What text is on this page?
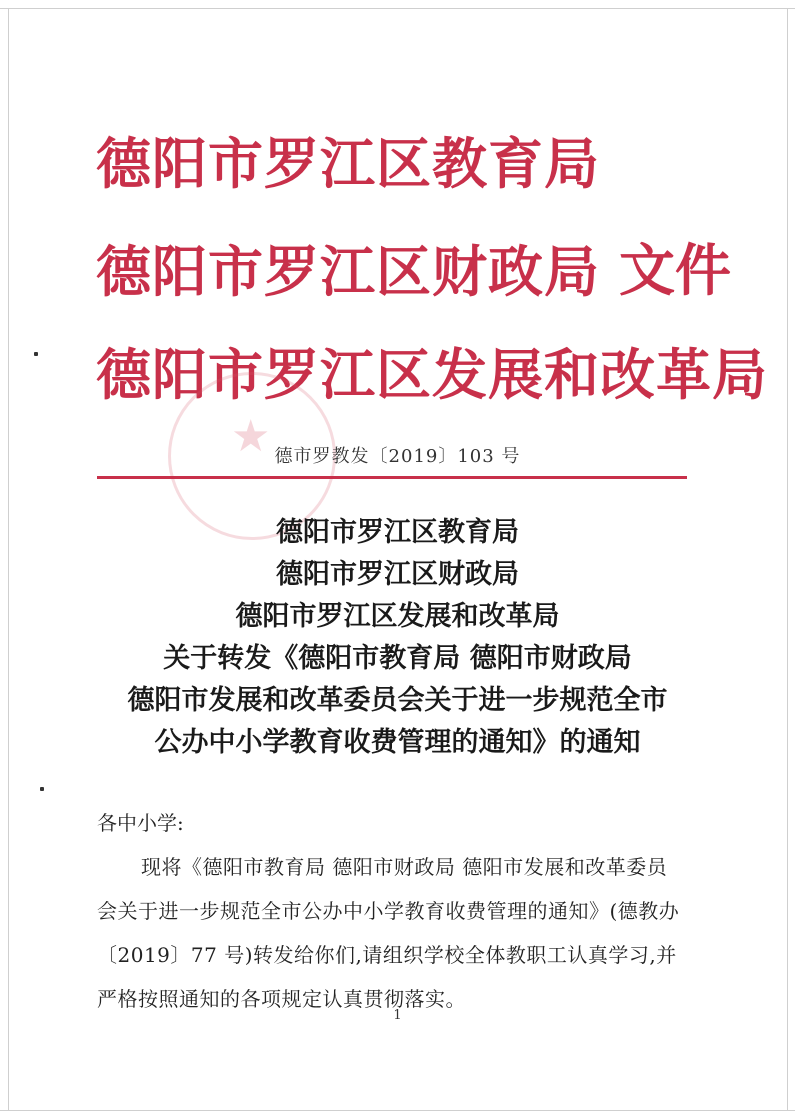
德阳市罗江区教育局
德阳市罗江区财政局 文件
德阳市罗江区发展和改革局
★ 德市罗教发〔2019〕103 号
德阳市罗江区教育局
德阳市罗江区财政局
德阳市罗江区发展和改革局
关于转发《德阳市教育局 德阳市财政局
德阳市发展和改革委员会关于进一步规范全市
公办中小学教育收费管理的通知》的通知
各中小学:
现将《德阳市教育局 德阳市财政局 德阳市发展和改革委员
会关于进一步规范全市公办中小学教育收费管理的通知》(德教办
〔2019〕77 号)转发给你们,请组织学校全体教职工认真学习,并
严格按照通知的各项规定认真贯彻落实。
1
